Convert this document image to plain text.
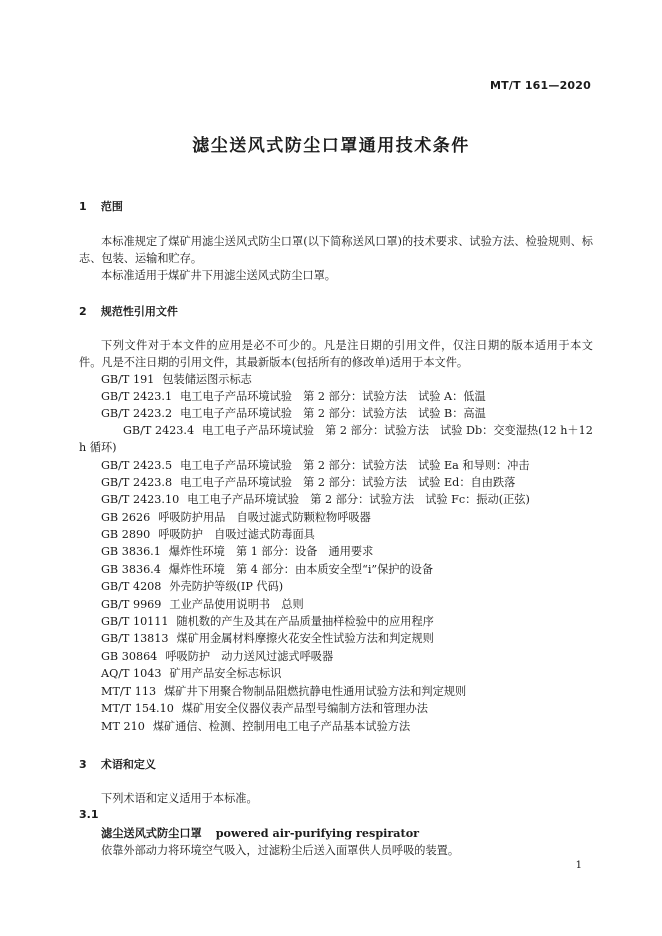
MT/T 161—2020
滤尘送风式防尘口罩通用技术条件
1 范围
本标准规定了煤矿用滤尘送风式防尘口罩(以下简称送风口罩)的技术要求、试验方法、检验规则、标志、包装、运输和贮存。
本标准适用于煤矿井下用滤尘送风式防尘口罩。
2 规范性引用文件
下列文件对于本文件的应用是必不可少的。凡是注日期的引用文件，仅注日期的版本适用于本文件。凡是不注日期的引用文件，其最新版本(包括所有的修改单)适用于本文件。
GB/T 191 包装储运图示标志
GB/T 2423.1 电工电子产品环境试验　第 2 部分：试验方法　试验 A：低温
GB/T 2423.2 电工电子产品环境试验　第 2 部分：试验方法　试验 B：高温
GB/T 2423.4 电工电子产品环境试验　第 2 部分：试验方法　试验 Db：交变湿热(12 h＋12 h 循环)
GB/T 2423.5 电工电子产品环境试验　第 2 部分：试验方法　试验 Ea 和导则：冲击
GB/T 2423.8 电工电子产品环境试验　第 2 部分：试验方法　试验 Ed：自由跌落
GB/T 2423.10 电工电子产品环境试验　第 2 部分：试验方法　试验 Fc：振动(正弦)
GB 2626 呼吸防护用品　自吸过滤式防颗粒物呼吸器
GB 2890 呼吸防护　自吸过滤式防毒面具
GB 3836.1 爆炸性环境　第 1 部分：设备　通用要求
GB 3836.4 爆炸性环境　第 4 部分：由本质安全型“i”保护的设备
GB/T 4208 外壳防护等级(IP 代码)
GB/T 9969 工业产品使用说明书　总则
GB/T 10111 随机数的产生及其在产品质量抽样检验中的应用程序
GB/T 13813 煤矿用金属材料摩擦火花安全性试验方法和判定规则
GB 30864 呼吸防护　动力送风过滤式呼吸器
AQ/T 1043 矿用产品安全标志标识
MT/T 113 煤矿井下用聚合物制品阻燃抗静电性通用试验方法和判定规则
MT/T 154.10 煤矿用安全仪器仪表产品型号编制方法和管理办法
MT 210 煤矿通信、检测、控制用电工电子产品基本试验方法
3 术语和定义
下列术语和定义适用于本标准。
3.1
滤尘送风式防尘口罩 powered air-purifying respirator
依靠外部动力将环境空气吸入，过滤粉尘后送入面罩供人员呼吸的装置。
1
